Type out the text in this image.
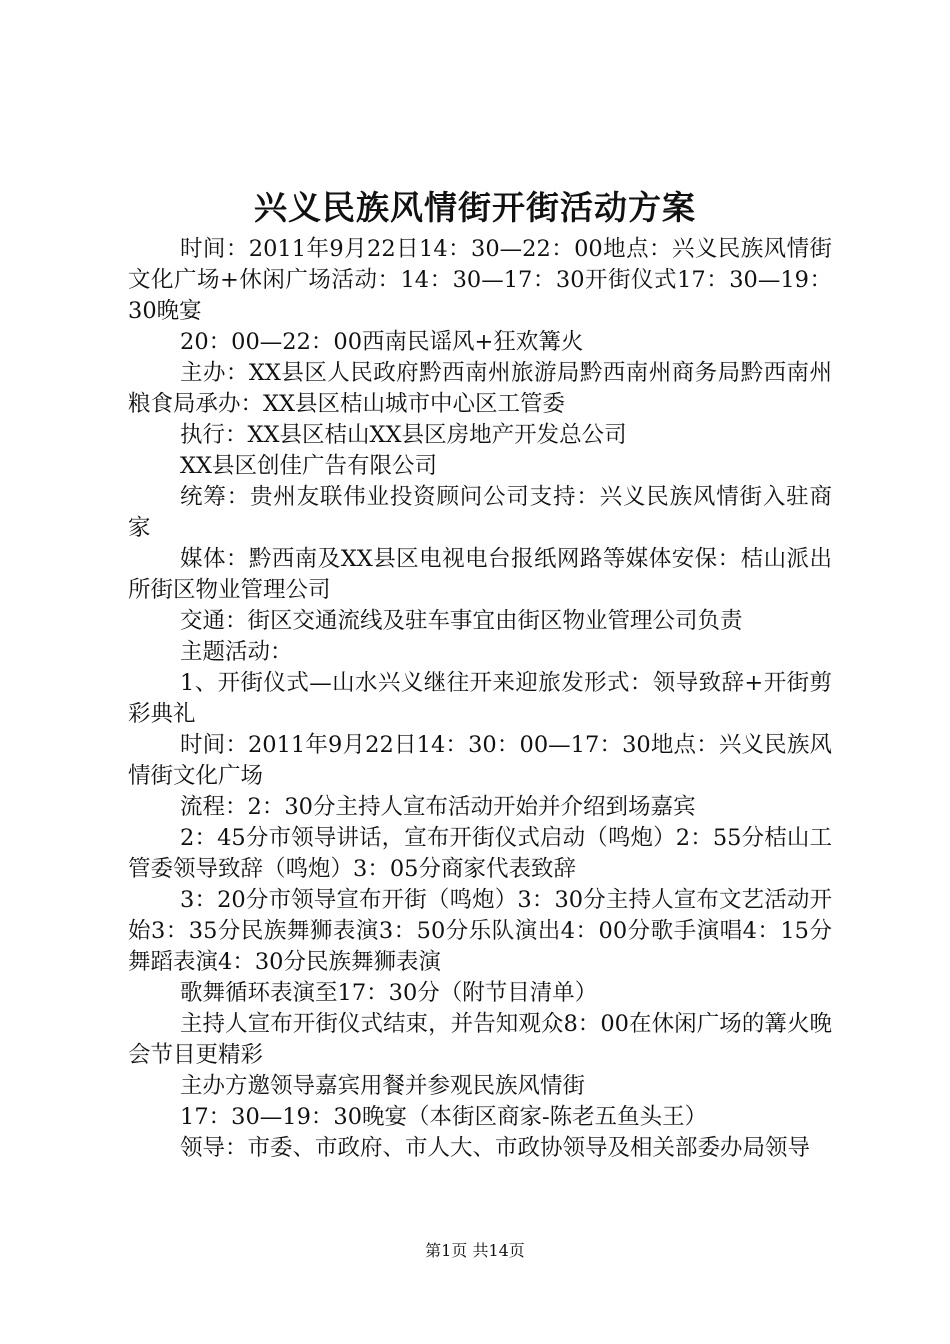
兴义民族风情街开街活动方案

时间：2011年9月22日14：30—22：00地点：兴义民族风情街文化广场+休闲广场活动：14：30—17：30开街仪式17：30—19：30晚宴

20：00—22：00西南民谣风+狂欢篝火

主办：XX县区人民政府黔西南州旅游局黔西南州商务局黔西南州粮食局承办：XX县区桔山城市中心区工管委

执行：XX县区桔山XX县区房地产开发总公司

XX县区创佳广告有限公司

统筹：贵州友联伟业投资顾问公司支持：兴义民族风情街入驻商家

媒体：黔西南及XX县区电视电台报纸网路等媒体安保：桔山派出所街区物业管理公司

交通：街区交通流线及驻车事宜由街区物业管理公司负责

主题活动：

1、开街仪式—山水兴义继往开来迎旅发形式：领导致辞+开街剪彩典礼

时间：2011年9月22日14：30：00—17：30地点：兴义民族风情街文化广场

流程：2：30分主持人宣布活动开始并介绍到场嘉宾

2：45分市领导讲话，宣布开街仪式启动（鸣炮）2：55分桔山工管委领导致辞（鸣炮）3：05分商家代表致辞

3：20分市领导宣布开街（鸣炮）3：30分主持人宣布文艺活动开始3：35分民族舞狮表演3：50分乐队演出4：00分歌手演唱4：15分舞蹈表演4：30分民族舞狮表演

歌舞循环表演至17：30分（附节目清单）

主持人宣布开街仪式结束，并告知观众8：00在休闲广场的篝火晚会节目更精彩

主办方邀领导嘉宾用餐并参观民族风情街

17：30—19：30晚宴（本街区商家-陈老五鱼头王）

领导：市委、市政府、市人大、市政协领导及相关部委办局领导

第1页 共14页
